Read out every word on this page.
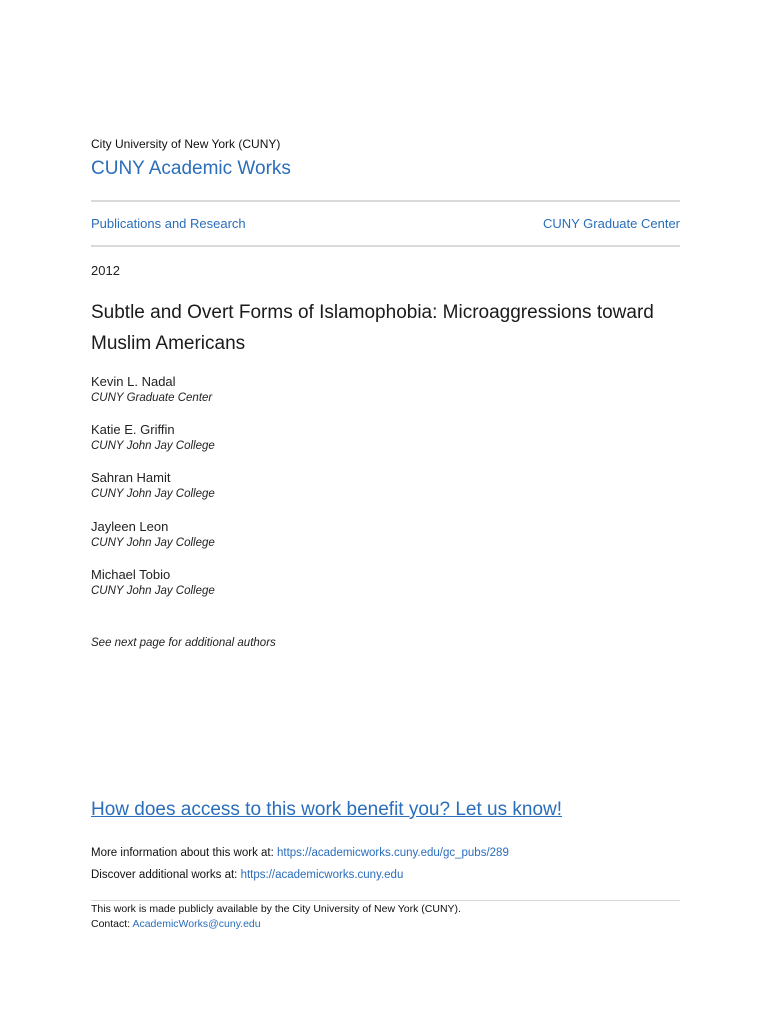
City University of New York (CUNY)
CUNY Academic Works
Publications and Research	CUNY Graduate Center
2012
Subtle and Overt Forms of Islamophobia: Microaggressions toward Muslim Americans
Kevin L. Nadal
CUNY Graduate Center
Katie E. Griffin
CUNY John Jay College
Sahran Hamit
CUNY John Jay College
Jayleen Leon
CUNY John Jay College
Michael Tobio
CUNY John Jay College
See next page for additional authors
How does access to this work benefit you? Let us know!
More information about this work at: https://academicworks.cuny.edu/gc_pubs/289
Discover additional works at: https://academicworks.cuny.edu
This work is made publicly available by the City University of New York (CUNY).
Contact: AcademicWorks@cuny.edu
